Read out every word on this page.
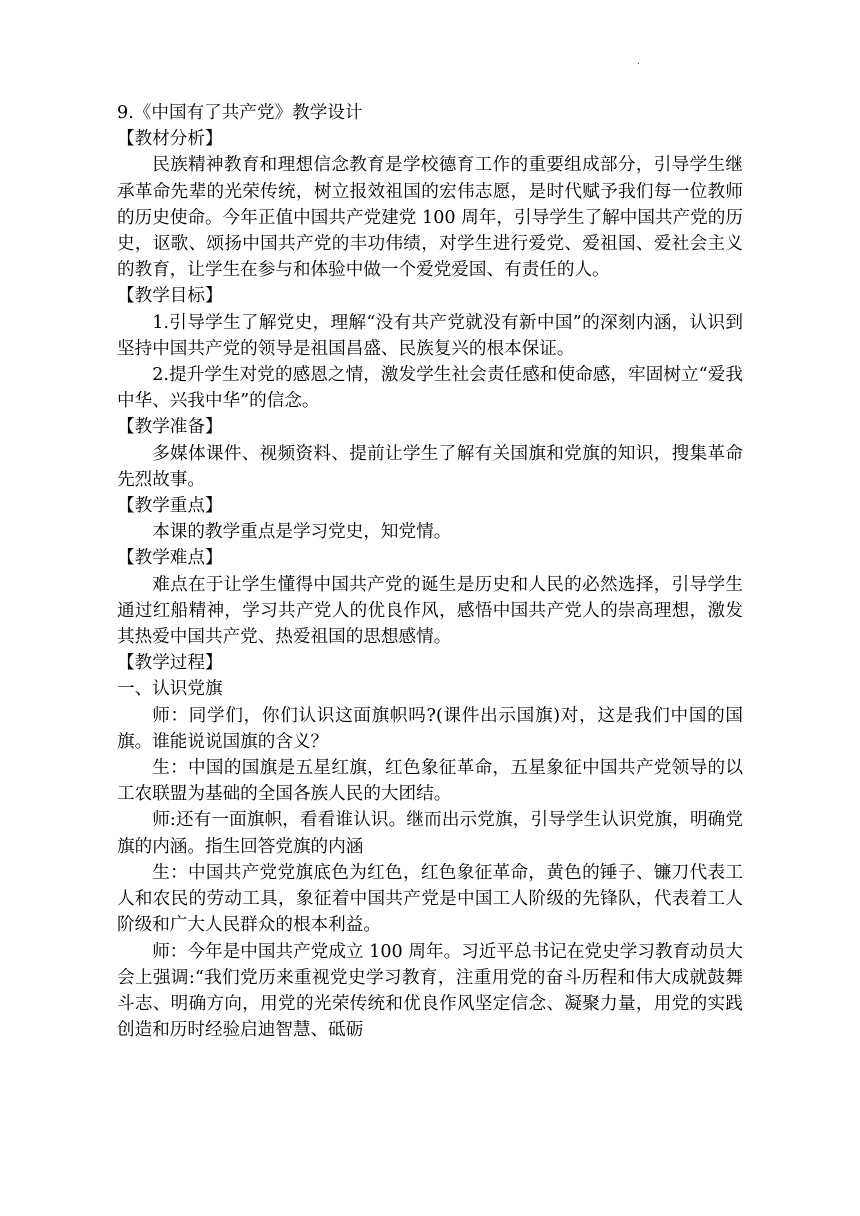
.

9.《中国有了共产党》教学设计

【教材分析】

民族精神教育和理想信念教育是学校德育工作的重要组成部分，引导学生继承革命先辈的光荣传统，树立报效祖国的宏伟志愿，是时代赋予我们每一位教师的历史使命。今年正值中国共产党建党 100 周年，引导学生了解中国共产党的历史，讴歌、颂扬中国共产党的丰功伟绩，对学生进行爱党、爱祖国、爱社会主义的教育，让学生在参与和体验中做一个爱党爱国、有责任的人。

【教学目标】

1.引导学生了解党史，理解“没有共产党就没有新中国”的深刻内涵，认识到坚持中国共产党的领导是祖国昌盛、民族复兴的根本保证。

2.提升学生对党的感恩之情，激发学生社会责任感和使命感，牢固树立“爱我中华、兴我中华”的信念。

【教学准备】

多媒体课件、视频资料、提前让学生了解有关国旗和党旗的知识，搜集革命先烈故事。

【教学重点】

本课的教学重点是学习党史，知党情。

【教学难点】

难点在于让学生懂得中国共产党的诞生是历史和人民的必然选择，引导学生通过红船精神，学习共产党人的优良作风，感悟中国共产党人的崇高理想，激发其热爱中国共产党、热爱祖国的思想感情。

【教学过程】

一、认识党旗

师：同学们，你们认识这面旗帜吗?(课件出示国旗)对，这是我们中国的国旗。谁能说说国旗的含义？

生：中国的国旗是五星红旗，红色象征革命，五星象征中国共产党领导的以工农联盟为基础的全国各族人民的大团结。

师:还有一面旗帜，看看谁认识。继而出示党旗，引导学生认识党旗，明确党旗的内涵。指生回答党旗的内涵

生：中国共产党党旗底色为红色，红色象征革命，黄色的锤子、镰刀代表工人和农民的劳动工具，象征着中国共产党是中国工人阶级的先锋队，代表着工人阶级和广大人民群众的根本利益。

师：今年是中国共产党成立 100 周年。习近平总书记在党史学习教育动员大会上强调:“我们党历来重视党史学习教育，注重用党的奋斗历程和伟大成就鼓舞斗志、明确方向，用党的光荣传统和优良作风坚定信念、凝聚力量，用党的实践创造和历时经验启迪智慧、砥砺
